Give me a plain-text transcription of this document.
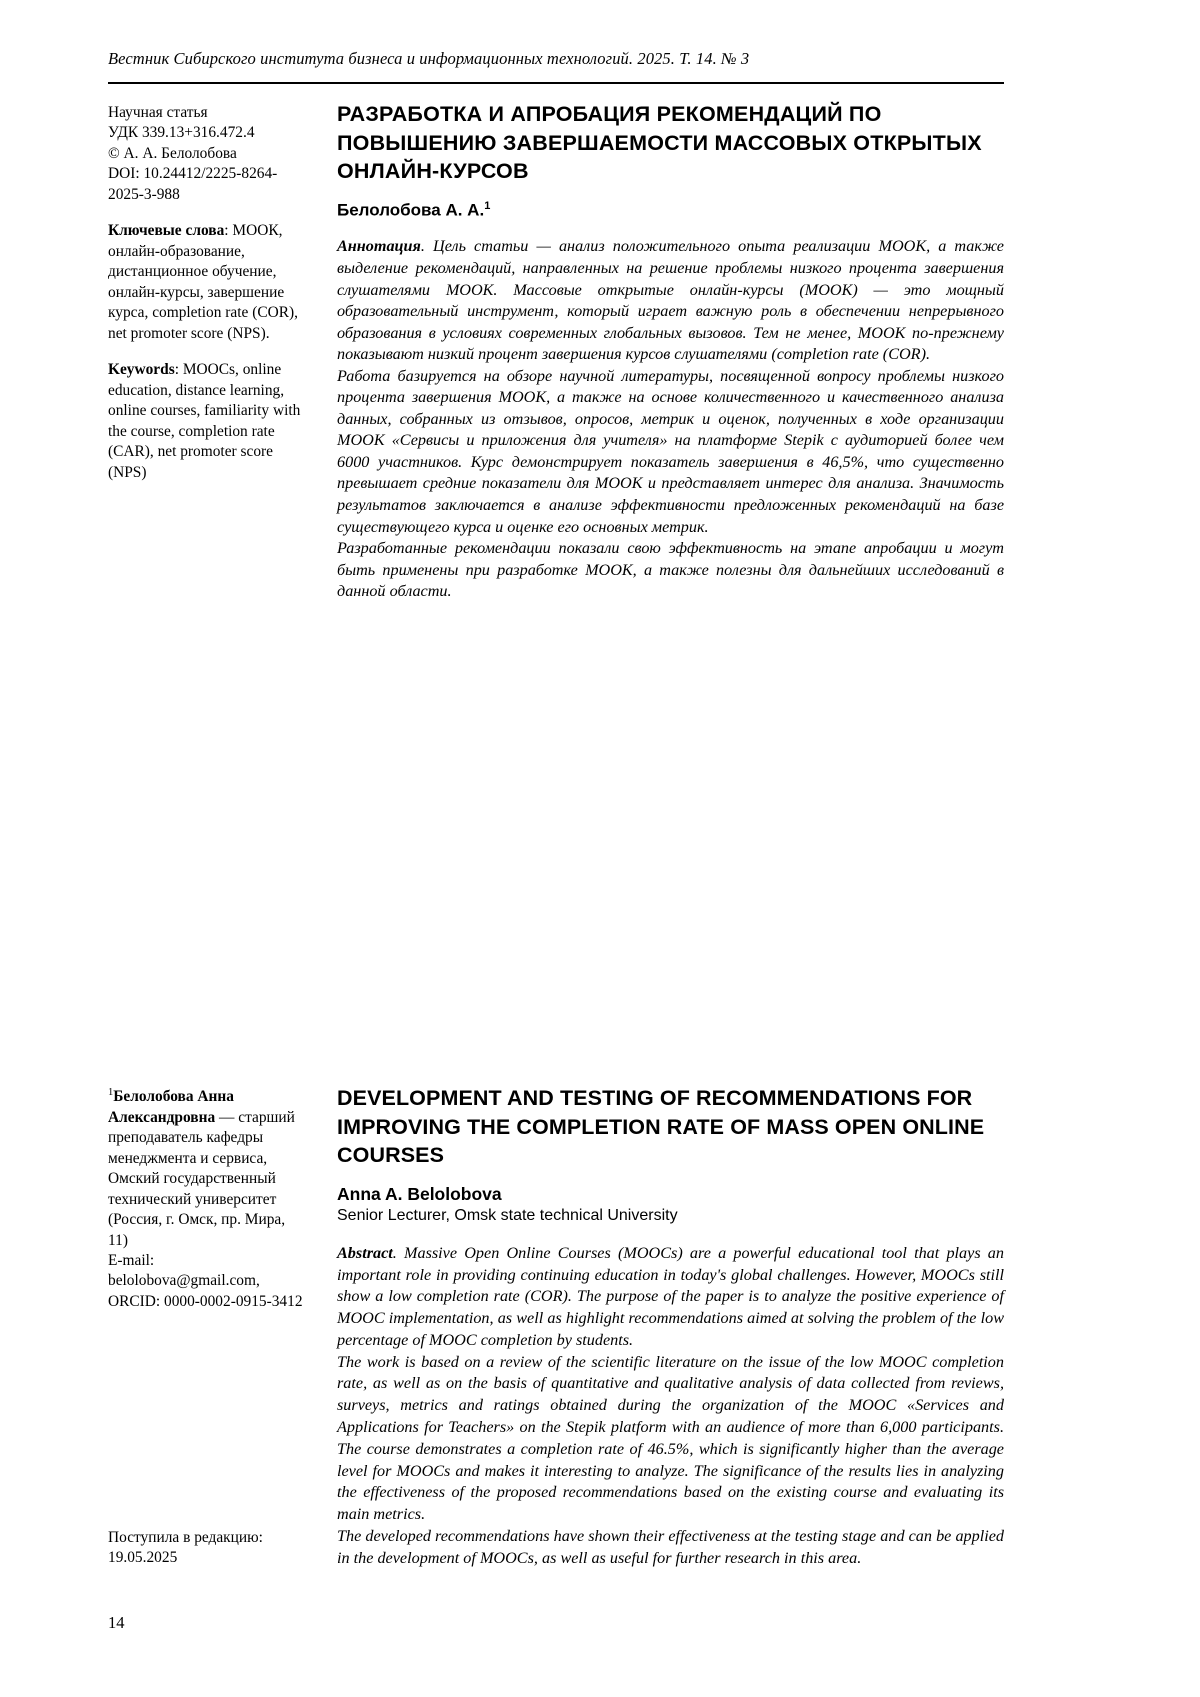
Вестник Сибирского института бизнеса и информационных технологий. 2025. Т. 14. № 3

Научная статья

УДК 339.13+316.472.4

© А. А. Белолобова

DOI: 10.24412/2225-8264-2025-3-988

Ключевые слова: МООК, онлайн-образование, дистанционное обучение, онлайн-курсы, завершение курса, completion rate (COR), net promoter score (NPS).

Keywords: MOOCs, online education, distance learning, online courses, familiarity with the course, completion rate (CAR), net promoter score (NPS)

РАЗРАБОТКА И АПРОБАЦИЯ РЕКОМЕНДАЦИЙ ПО ПОВЫШЕНИЮ ЗАВЕРШАЕМОСТИ МАССОВЫХ ОТКРЫТЫХ ОНЛАЙН-КУРСОВ
Белолобова А. А.$^1$

Аннотация. Цель статьи — анализ положительного опыта реализации МООК, а также выделение рекомендаций, направленных на решение проблемы низкого процента завершения слушателями МООК. Массовые открытые онлайн-курсы (МООК) — это мощный образовательный инструмент, который играет важную роль в обеспечении непрерывного образования в условиях современных глобальных вызовов. Тем не менее, МООК по-прежнему показывают низкий процент завершения курсов слушателями (completion rate (COR).

Работа базируется на обзоре научной литературы, посвященной вопросу проблемы низкого процента завершения МООК, а также на основе количественного и качественного анализа данных, собранных из отзывов, опросов, метрик и оценок, полученных в ходе организации МООК «Сервисы и приложения для учителя» на платформе Stepik с аудиторией более чем 6000 участников. Курс демонстрирует показатель завершения в 46,5%, что существенно превышает средние показатели для МООК и представляет интерес для анализа. Значимость результатов заключается в анализе эффективности предложенных рекомендаций на базе существующего курса и оценке его основных метрик.

Разработанные рекомендации показали свою эффективность на этапе апробации и могут быть применены при разработке МООК, а также полезны для дальнейших исследований в данной области.

$^1$Белолобова Анна Александровна — старший преподаватель кафедры менеджмента и сервиса, Омский государственный технический университет (Россия, г. Омск, пр. Мира, 11)

E-mail: belolobova@gmail.com,

ORCID: 0000-0002-0915-3412

Поступила в редакцию:

19.05.2025

DEVELOPMENT AND TESTING OF RECOMMENDATIONS FOR IMPROVING THE COMPLETION RATE OF MASS OPEN ONLINE COURSES
Anna A. Belolobova
Senior Lecturer, Omsk state technical University

Abstract. Massive Open Online Courses (MOOCs) are a powerful educational tool that plays an important role in providing continuing education in today's global challenges. However, MOOCs still show a low completion rate (COR). The purpose of the paper is to analyze the positive experience of MOOC implementation, as well as highlight recommendations aimed at solving the problem of the low percentage of MOOC completion by students.

The work is based on a review of the scientific literature on the issue of the low MOOC completion rate, as well as on the basis of quantitative and qualitative analysis of data collected from reviews, surveys, metrics and ratings obtained during the organization of the MOOC «Services and Applications for Teachers» on the Stepik platform with an audience of more than 6,000 participants. The course demonstrates a completion rate of 46.5%, which is significantly higher than the average level for MOOCs and makes it interesting to analyze. The significance of the results lies in analyzing the effectiveness of the proposed recommendations based on the existing course and evaluating its main metrics.

The developed recommendations have shown their effectiveness at the testing stage and can be applied in the development of MOOCs, as well as useful for further research in this area.

14
